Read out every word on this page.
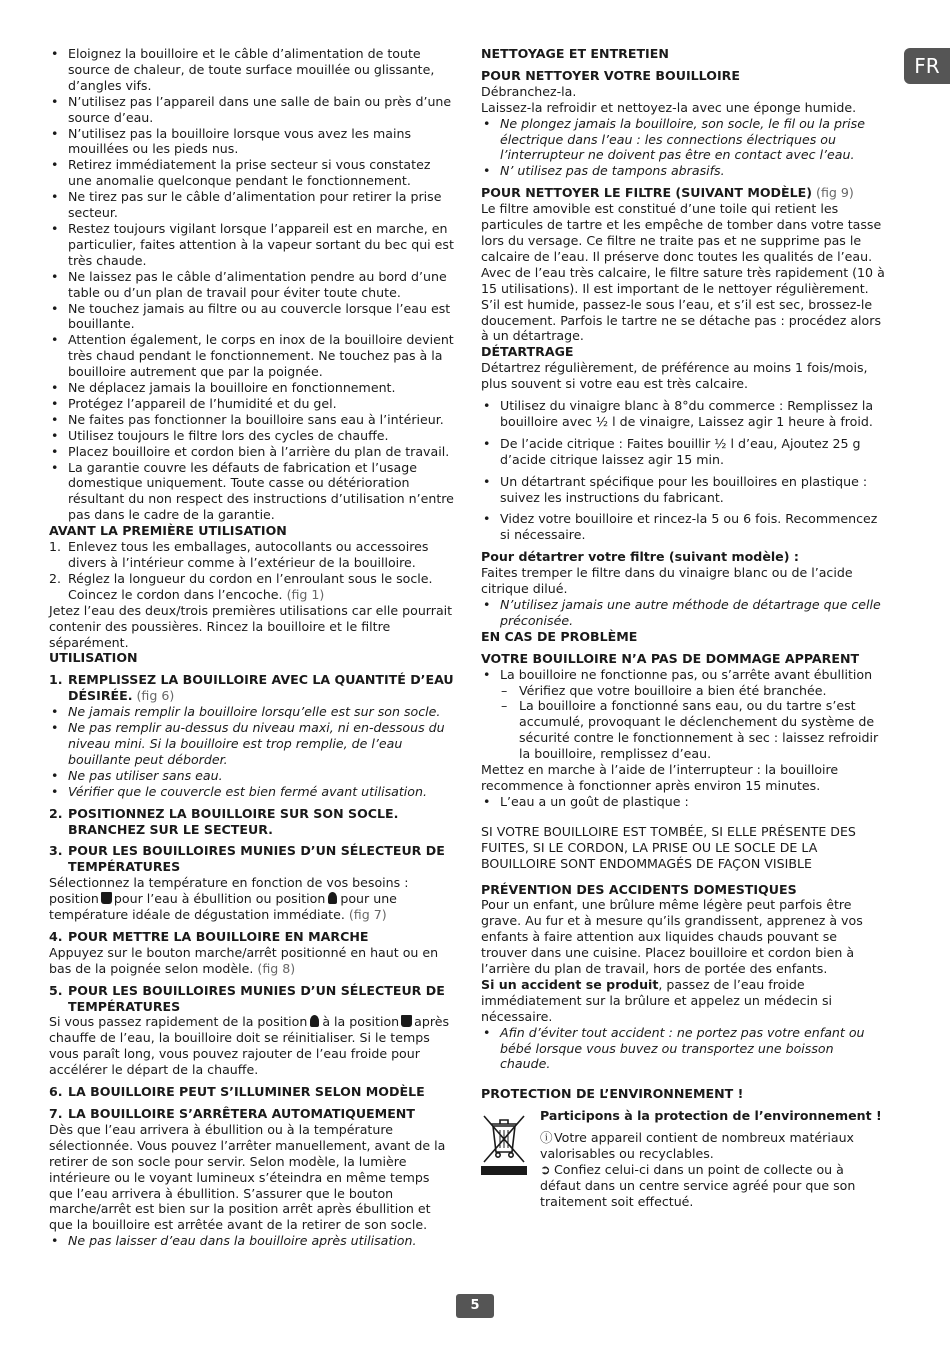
FR
• Eloignez la bouilloire et le câble d’alimentation de toute source de chaleur, de toute surface mouillée ou glissante, d’angles vifs.
• N’utilisez pas l’appareil dans une salle de bain ou près d’une source d’eau.
• N’utilisez pas la bouilloire lorsque vous avez les mains mouillées ou les pieds nus.
• Retirez immédiatement la prise secteur si vous constatez une anomalie quelconque pendant le fonctionnement.
• Ne tirez pas sur le câble d’alimentation pour retirer la prise secteur.
• Restez toujours vigilant lorsque l’appareil est en marche, en particulier, faites attention à la vapeur sortant du bec qui est très chaude.
• Ne laissez pas le câble d’alimentation pendre au bord d’une table ou d’un plan de travail pour éviter toute chute.
• Ne touchez jamais au filtre ou au couvercle lorsque l’eau est bouillante.
• Attention également, le corps en inox de la bouilloire devient très chaud pendant le fonctionnement. Ne touchez pas à la bouilloire autrement que par la poignée.
• Ne déplacez jamais la bouilloire en fonctionnement.
• Protégez l’appareil de l’humidité et du gel.
• Ne faites pas fonctionner la bouilloire sans eau à l’intérieur.
• Utilisez toujours le filtre lors des cycles de chauffe.
• Placez bouilloire et cordon bien à l’arrière du plan de travail.
• La garantie couvre les défauts de fabrication et l’usage domestique uniquement. Toute casse ou détérioration résultant du non respect des instructions d’utilisation n’entre pas dans le cadre de la garantie.

AVANT LA PREMIÈRE UTILISATION

1. Enlevez tous les emballages, autocollants ou accessoires divers à l’intérieur comme à l’extérieur de la bouilloire.
2. Réglez la longueur du cordon en l’enroulant sous le socle. Coincez le cordon dans l’encoche. (fig 1)

Jetez l’eau des deux/trois premières utilisations car elle pourrait contenir des poussières. Rincez la bouilloire et le filtre séparément.

UTILISATION

1. REMPLISSEZ LA BOUILLOIRE AVEC LA QUANTITÉ D’EAU DÉSIRÉE. (fig 6)
• Ne jamais remplir la bouilloire lorsqu’elle est sur son socle.
• Ne pas remplir au-dessus du niveau maxi, ni en-dessous du niveau mini. Si la bouilloire est trop remplie, de l’eau bouillante peut déborder.
• Ne pas utiliser sans eau.
• Vérifier que le couvercle est bien fermé avant utilisation.
2. POSITIONNEZ LA BOUILLOIRE SUR SON SOCLE. BRANCHEZ SUR LE SECTEUR.
3. POUR LES BOUILLOIRES MUNIES D’UN SÉLECTEUR DE TEMPÉRATURES

Sélectionnez la température en fonction de vos besoins : position pour l’eau à ébullition ou position pour une température idéale de dégustation immédiate. (fig 7)

4. POUR METTRE LA BOUILLOIRE EN MARCHE

Appuyez sur le bouton marche/arrêt positionné en haut ou en bas de la poignée selon modèle. (fig 8)

5. POUR LES BOUILLOIRES MUNIES D’UN SÉLECTEUR DE TEMPÉRATURES

Si vous passez rapidement de la position à la position après chauffe de l’eau, la bouilloire doit se réinitialiser. Si le temps vous paraît long, vous pouvez rajouter de l’eau froide pour accélérer le départ de la chauffe.

6. LA BOUILLOIRE PEUT S’ILLUMINER SELON MODÈLE
7. LA BOUILLOIRE S’ARRÊTERA AUTOMATIQUEMENT

Dès que l’eau arrivera à ébullition ou à la température sélectionnée. Vous pouvez l’arrêter manuellement, avant de la retirer de son socle pour servir. Selon modèle, la lumière intérieure ou le voyant lumineux s’éteindra en même temps que l’eau arrivera à ébullition. S’assurer que le bouton marche/arrêt est bien sur la position arrêt après ébullition et que la bouilloire est arrêtée avant de la retirer de son socle.

• Ne pas laisser d’eau dans la bouilloire après utilisation.

NETTOYAGE ET ENTRETIEN

POUR NETTOYER VOTRE BOUILLOIRE

Débranchez-la.

Laissez-la refroidir et nettoyez-la avec une éponge humide.

• Ne plongez jamais la bouilloire, son socle, le fil ou la prise électrique dans l’eau : les connections électriques ou l’interrupteur ne doivent pas être en contact avec l’eau.
• N’ utilisez pas de tampons abrasifs.

POUR NETTOYER LE FILTRE (SUIVANT MODÈLE) (fig 9)

Le filtre amovible est constitué d’une toile qui retient les particules de tartre et les empêche de tomber dans votre tasse lors du versage. Ce filtre ne traite pas et ne supprime pas le calcaire de l’eau. Il préserve donc toutes les qualités de l’eau. Avec de l’eau très calcaire, le filtre sature très rapidement (10 à 15 utilisations). Il est important de le nettoyer régulièrement. S’il est humide, passez-le sous l’eau, et s’il est sec, brossez-le doucement. Parfois le tartre ne se détache pas : procédez alors à un détartrage.

DÉTARTRAGE

Détartrez régulièrement, de préférence au moins 1 fois/mois, plus souvent si votre eau est très calcaire.

• Utilisez du vinaigre blanc à 8°du commerce : Remplissez la bouilloire avec ½ l de vinaigre, Laissez agir 1 heure à froid.
• De l’acide citrique : Faites bouillir ½ l d’eau, Ajoutez 25 g d’acide citrique laissez agir 15 min.
• Un détartrant spécifique pour les bouilloires en plastique : suivez les instructions du fabricant.
• Videz votre bouilloire et rincez-la 5 ou 6 fois. Recommencez si nécessaire.

Pour détartrer votre filtre (suivant modèle) :

Faites tremper le filtre dans du vinaigre blanc ou de l’acide citrique dilué.

• N’utilisez jamais une autre méthode de détartrage que celle préconisée.

EN CAS DE PROBLÈME

VOTRE BOUILLOIRE N’A PAS DE DOMMAGE APPARENT

• La bouilloire ne fonctionne pas, ou s’arrête avant ébullition
– Vérifiez que votre bouilloire a bien été branchée.
– La bouilloire a fonctionné sans eau, ou du tartre s’est accumulé, provoquant le déclenchement du système de sécurité contre le fonctionnement à sec : laissez refroidir la bouilloire, remplissez d’eau.

Mettez en marche à l’aide de l’interrupteur : la bouilloire recommence à fonctionner après environ 15 minutes.

• L’eau a un goût de plastique :

SI VOTRE BOUILLOIRE EST TOMBÉE, SI ELLE PRÉSENTE DES FUITES, SI LE CORDON, LA PRISE OU LE SOCLE DE LA BOUILLOIRE SONT ENDOMMAGÉS DE FAÇON VISIBLE

PRÉVENTION DES ACCIDENTS DOMESTIQUES

Pour un enfant, une brûlure même légère peut parfois être grave. Au fur et à mesure qu’ils grandissent, apprenez à vos enfants à faire attention aux liquides chauds pouvant se trouver dans une cuisine. Placez bouilloire et cordon bien à l’arrière du plan de travail, hors de portée des enfants.

Si un accident se produit, passez de l’eau froide immédiatement sur la brûlure et appelez un médecin si nécessaire.

• Afin d’éviter tout accident : ne portez pas votre enfant ou bébé lorsque vous buvez ou transportez une boisson chaude.

PROTECTION DE L’ENVIRONNEMENT !

Participons à la protection de l’environnement !

ⓘVotre appareil contient de nombreux matériaux valorisables ou recyclables.

➲ Confiez celui-ci dans un point de collecte ou à défaut dans un centre service agréé pour que son traitement soit effectué.

5
